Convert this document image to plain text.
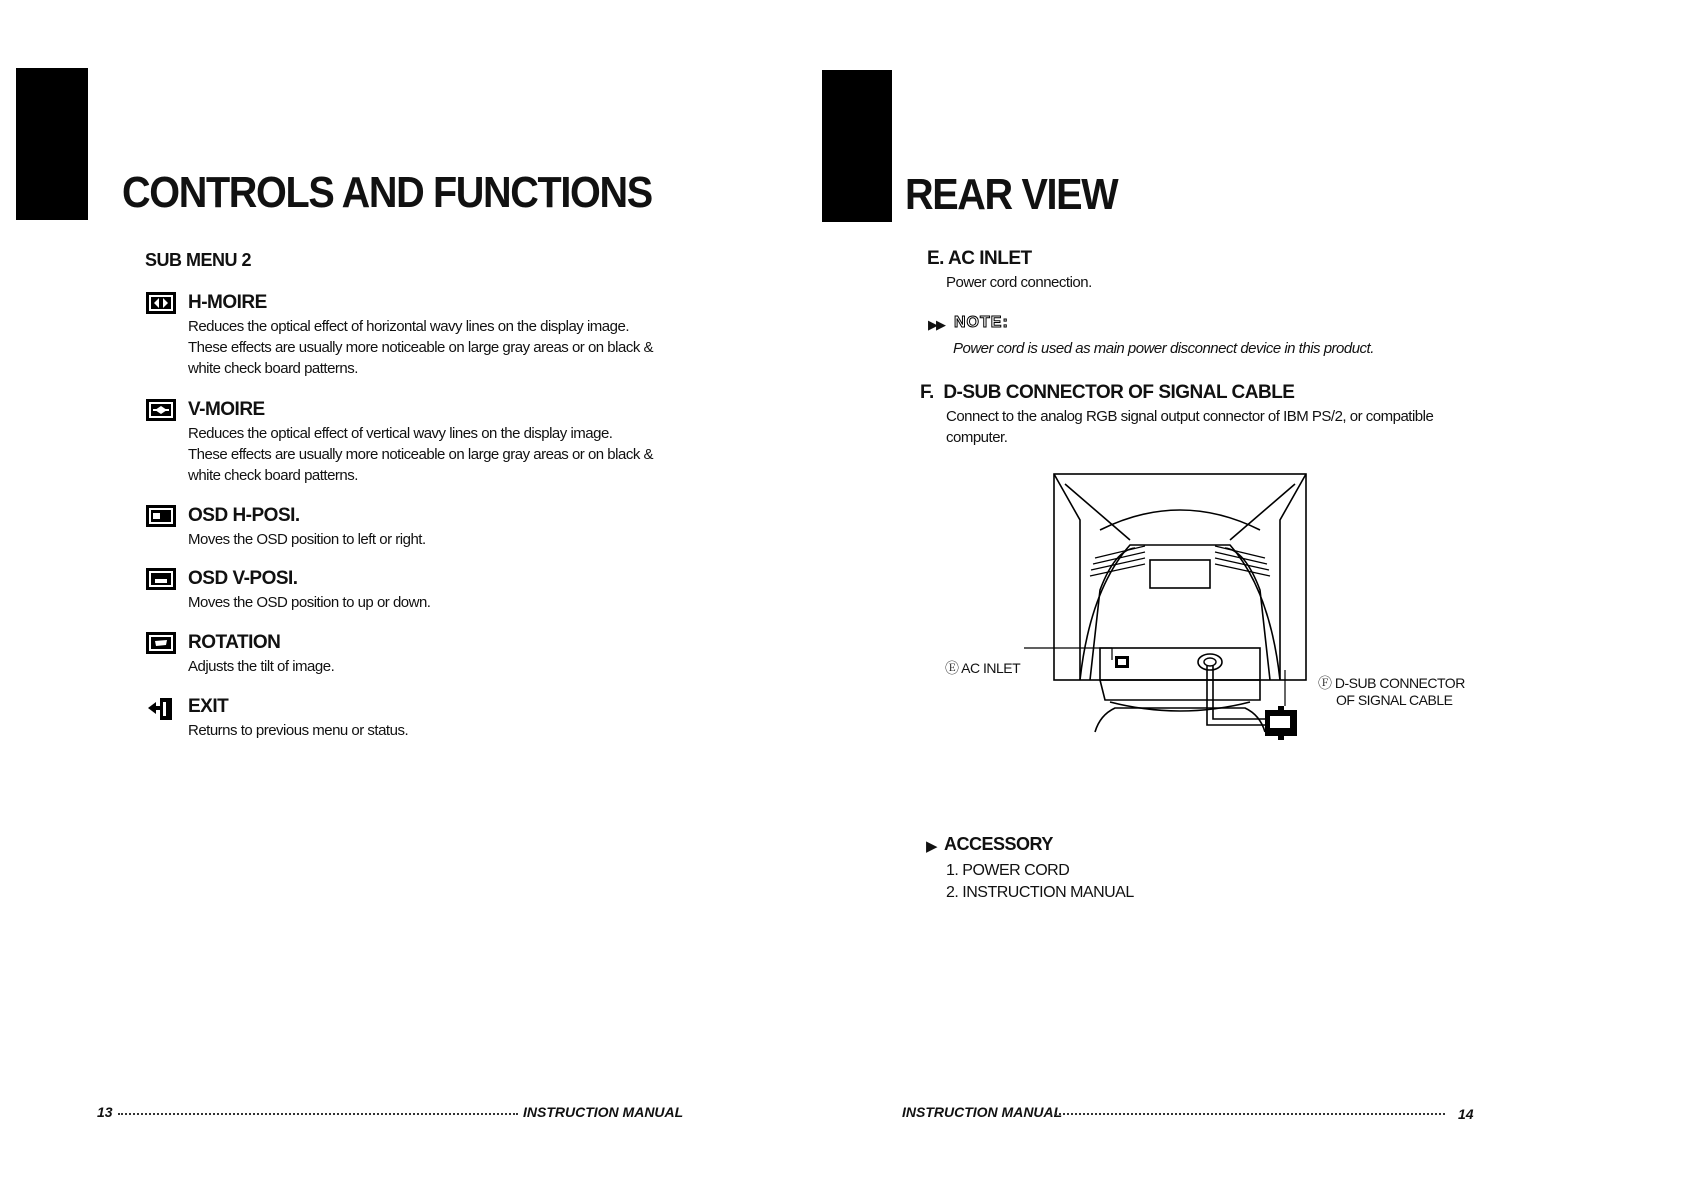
CONTROLS AND FUNCTIONS
SUB MENU 2
H-MOIRE
Reduces the optical effect of horizontal wavy lines on the display image.
These effects are usually more noticeable on large gray areas or on black &
white check board patterns.
V-MOIRE
Reduces the optical effect of vertical wavy lines on the display image.
These effects are usually more noticeable on large gray areas or on black &
white check board patterns.
OSD H-POSI.
Moves the OSD position to left or right.
OSD V-POSI.
Moves the OSD position to up or down.
ROTATION
Adjusts the tilt of image.
EXIT
Returns to previous menu or status.
13	INSTRUCTION MANUAL
REAR VIEW
E. AC INLET
Power cord connection.
▶▶ NOTE:
Power cord is used as main power disconnect device in this product.
F.  D-SUB CONNECTOR OF SIGNAL CABLE
Connect to the analog RGB signal output connector of IBM PS/2, or compatible
computer.
Ⓔ AC INLET
Ⓕ D-SUB CONNECTOR
OF SIGNAL CABLE
▶ ACCESSORY
1. POWER CORD
2. INSTRUCTION MANUAL
INSTRUCTION MANUAL	14
